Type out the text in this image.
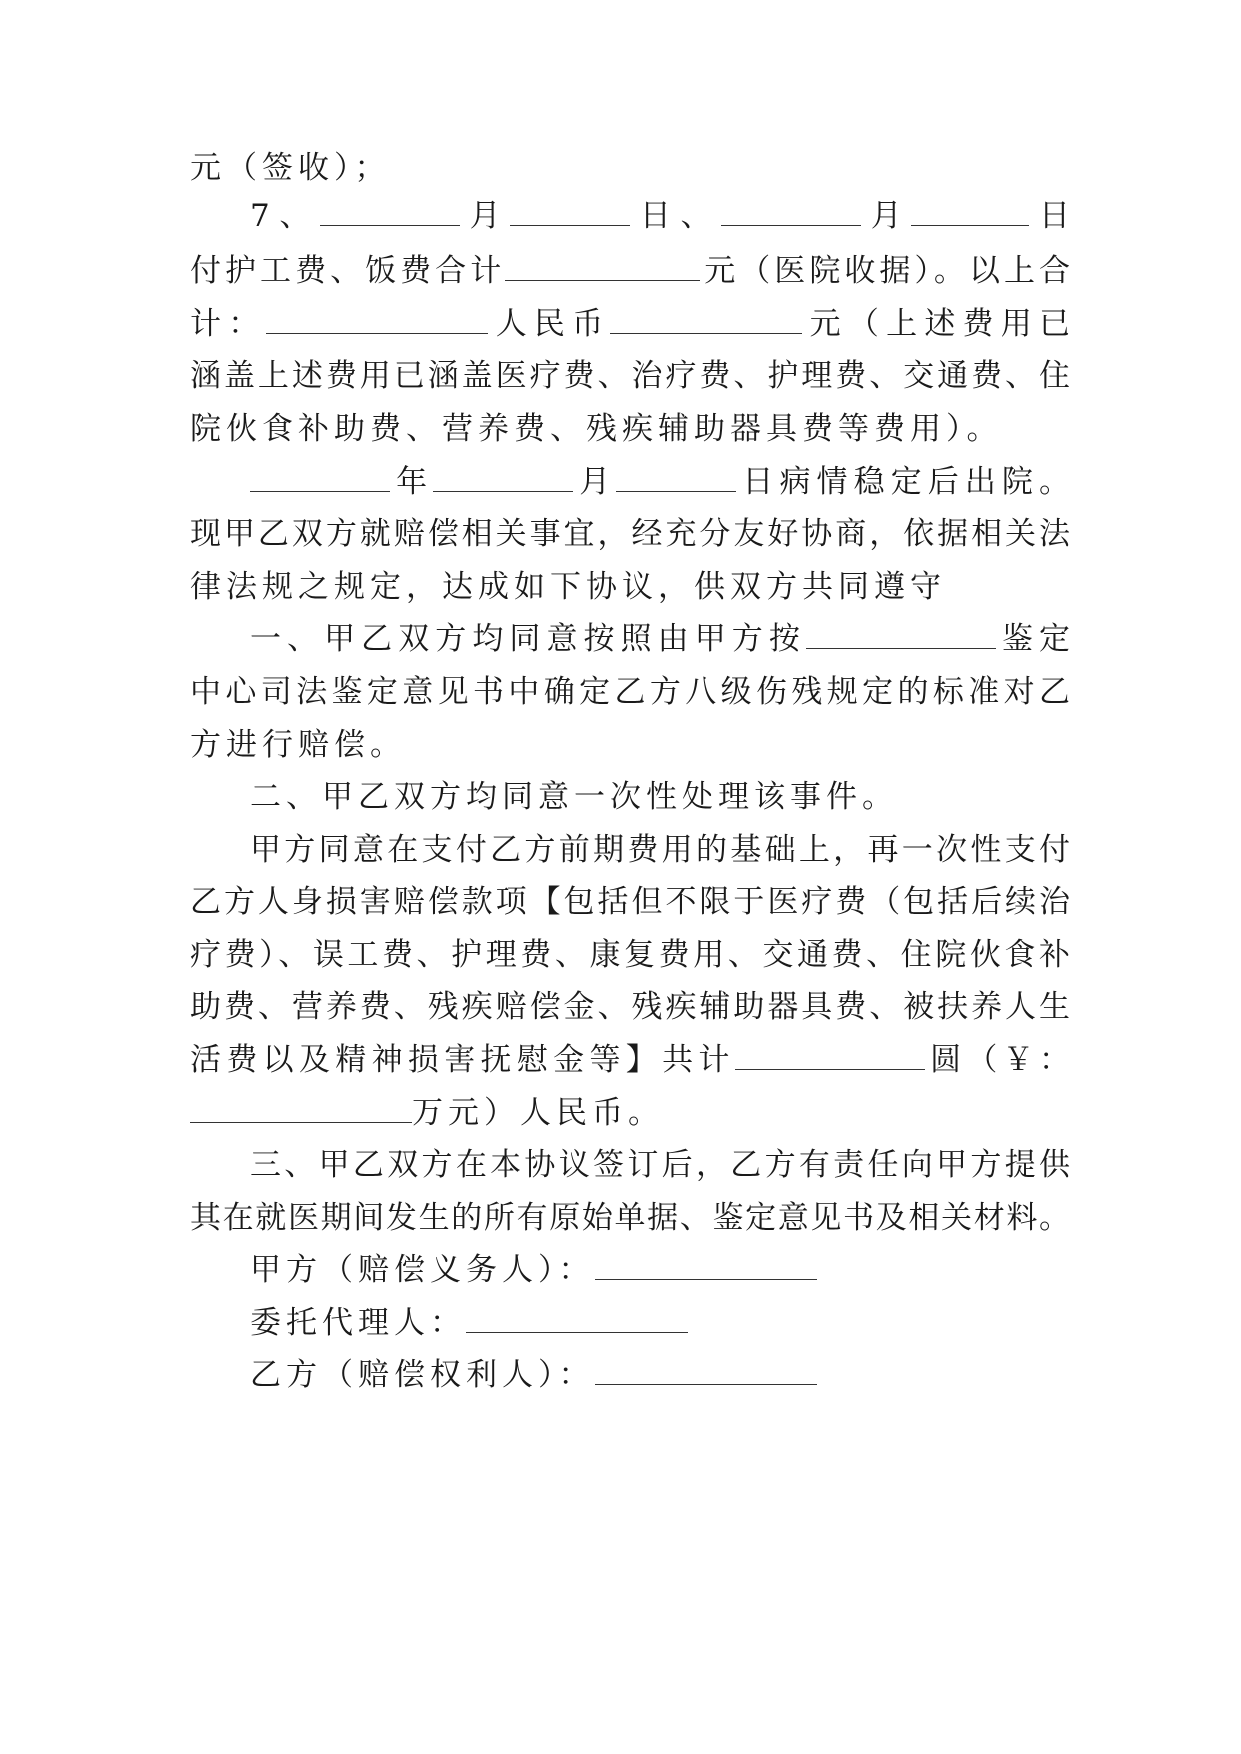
元（签收）；
7、	月	日、	月	日
付护工费、饭费合计	元（医院收据）。以上合
计：	人民币	元（上述费用已
涵盖上述费用已涵盖医疗费、治疗费、护理费、交通费、住
院伙食补助费、营养费、残疾辅助器具费等费用）。
年	月	日病情稳定后出院。
现甲乙双方就赔偿相关事宜，经充分友好协商，依据相关法
律法规之规定，达成如下协议，供双方共同遵守
一、甲乙双方均同意按照由甲方按	鉴定
中心司法鉴定意见书中确定乙方八级伤残规定的标准对乙
方进行赔偿。
二、甲乙双方均同意一次性处理该事件。
甲方同意在支付乙方前期费用的基础上，再一次性支付
乙方人身损害赔偿款项【包括但不限于医疗费（包括后续治
疗费）、误工费、护理费、康复费用、交通费、住院伙食补
助费、营养费、残疾赔偿金、残疾辅助器具费、被扶养人生
活费以及精神损害抚慰金等】共计	圆（￥：
万元）人民币。
三、甲乙双方在本协议签订后，乙方有责任向甲方提供
其在就医期间发生的所有原始单据、鉴定意见书及相关材料。
甲方（赔偿义务人）：
委托代理人：
乙方（赔偿权利人）：
